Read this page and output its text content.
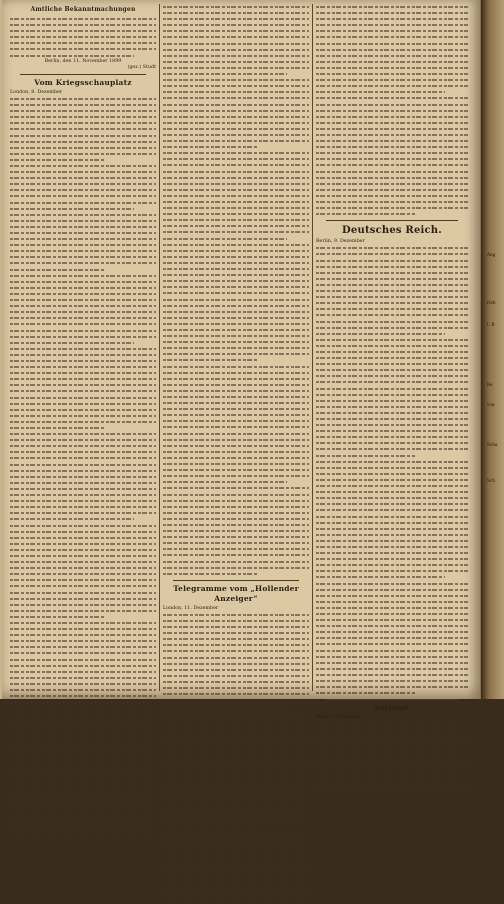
Amtliche Bekanntmachungen
Berlin, den 11. November 1899
(gez.) Studt
Vom Kriegsschauplatz
London, 8. Dezember
Telegramme vom „Hollender Anzeiger“
London, 11. Dezember
Deutsches Reich.
Berlin, 9. Dezember
Ausland.
Wien, 9. Dezember
Ang
rieb
I. B
Be
von
Schu
Sch
